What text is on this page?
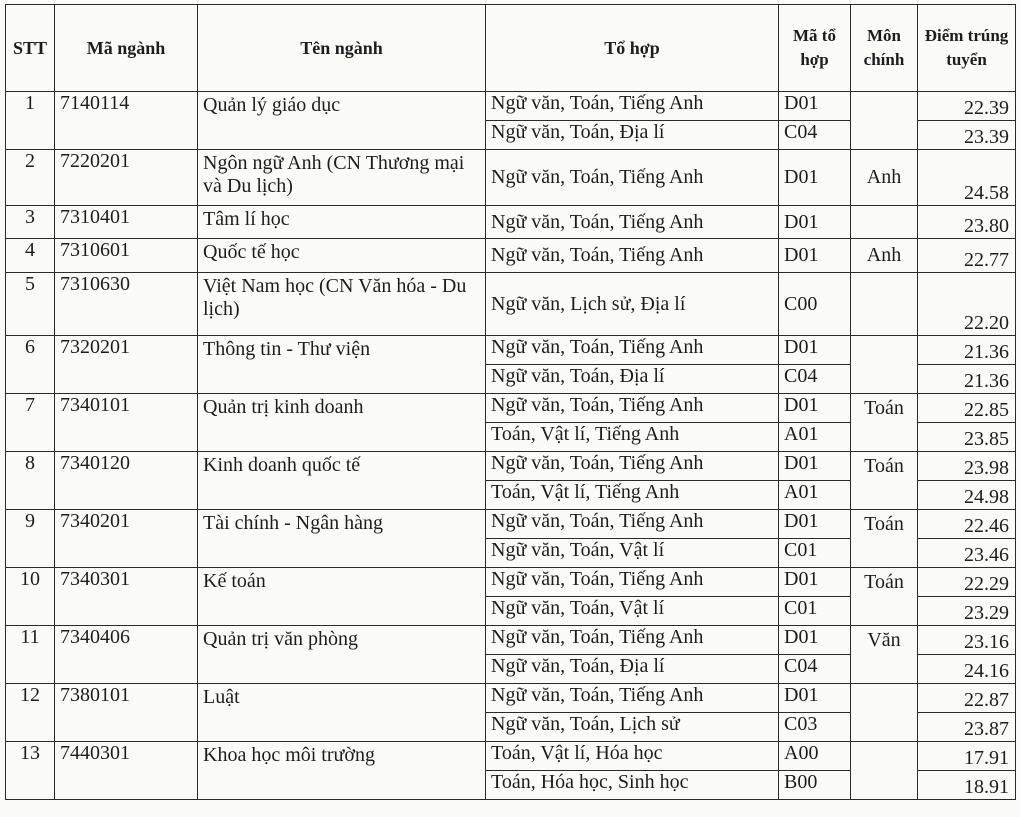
STT	Mã ngành	Tên ngành	Tổ hợp	Mã tổ hợp	Môn chính	Điểm trúng tuyển
1	7140114	Quản lý giáo dục	Ngữ văn, Toán, Tiếng Anh	D01		22.39
			Ngữ văn, Toán, Địa lí	C04		23.39
2	7220201	Ngôn ngữ Anh (CN Thương mại và Du lịch)	Ngữ văn, Toán, Tiếng Anh	D01	Anh	24.58
3	7310401	Tâm lí học	Ngữ văn, Toán, Tiếng Anh	D01		23.80
4	7310601	Quốc tế học	Ngữ văn, Toán, Tiếng Anh	D01	Anh	22.77
5	7310630	Việt Nam học (CN Văn hóa - Du lịch)	Ngữ văn, Lịch sử, Địa lí	C00		22.20
6	7320201	Thông tin - Thư viện	Ngữ văn, Toán, Tiếng Anh	D01		21.36
			Ngữ văn, Toán, Địa lí	C04		21.36
7	7340101	Quản trị kinh doanh	Ngữ văn, Toán, Tiếng Anh	D01	Toán	22.85
			Toán, Vật lí, Tiếng Anh	A01		23.85
8	7340120	Kinh doanh quốc tế	Ngữ văn, Toán, Tiếng Anh	D01	Toán	23.98
			Toán, Vật lí, Tiếng Anh	A01		24.98
9	7340201	Tài chính - Ngân hàng	Ngữ văn, Toán, Tiếng Anh	D01	Toán	22.46
			Ngữ văn, Toán, Vật lí	C01		23.46
10	7340301	Kế toán	Ngữ văn, Toán, Tiếng Anh	D01	Toán	22.29
			Ngữ văn, Toán, Vật lí	C01		23.29
11	7340406	Quản trị văn phòng	Ngữ văn, Toán, Tiếng Anh	D01	Văn	23.16
			Ngữ văn, Toán, Địa lí	C04		24.16
12	7380101	Luật	Ngữ văn, Toán, Tiếng Anh	D01		22.87
			Ngữ văn, Toán, Lịch sử	C03		23.87
13	7440301	Khoa học môi trường	Toán, Vật lí, Hóa học	A00		17.91
			Toán, Hóa học, Sinh học	B00		18.91
